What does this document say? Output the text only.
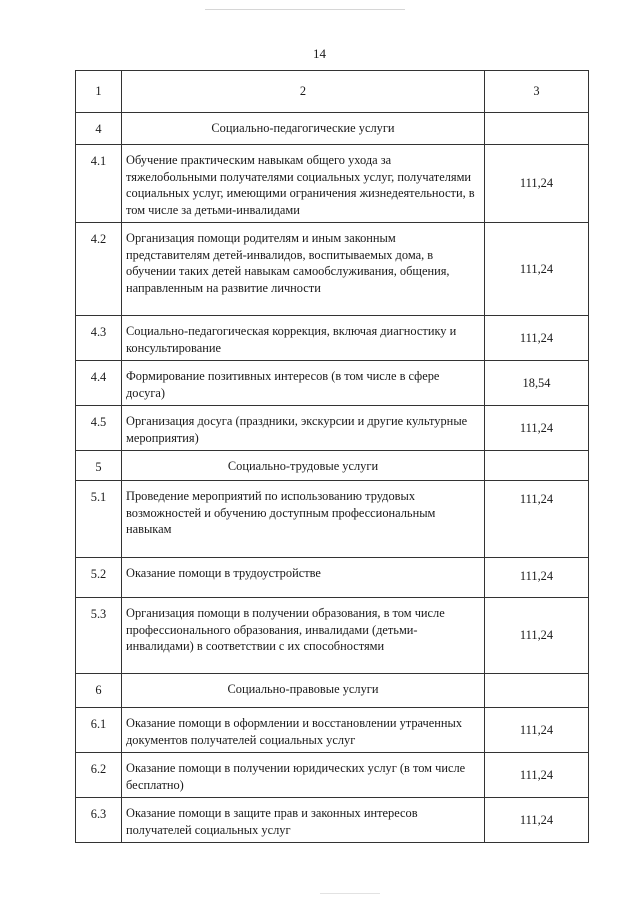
14
1	2	3
4	Социально-педагогические услуги	
4.1	Обучение практическим навыкам общего ухода за тяжелобольными получателями социальных услуг, получателями социальных услуг, имеющими ограничения жизнедеятельности, в том числе за детьми-инвалидами	111,24
4.2	Организация помощи родителям и иным законным представителям детей-инвалидов, воспитываемых дома, в обучении таких детей навыкам самообслуживания, общения, направленным на развитие личности	111,24
4.3	Социально-педагогическая коррекция, включая диагностику и консультирование	111,24
4.4	Формирование позитивных интересов (в том числе в сфере досуга)	18,54
4.5	Организация досуга (праздники, экскурсии и другие культурные мероприятия)	111,24
5	Социально-трудовые услуги	
5.1	Проведение мероприятий по использованию трудовых возможностей и обучению доступным профессиональным навыкам	111,24
5.2	Оказание помощи в трудоустройстве	111,24
5.3	Организация помощи в получении образования, в том числе профессионального образования, инвалидами (детьми-инвалидами) в соответствии с их способностями	111,24
6	Социально-правовые услуги	
6.1	Оказание помощи в оформлении и восстановлении утраченных документов получателей социальных услуг	111,24
6.2	Оказание помощи в получении юридических услуг (в том числе бесплатно)	111,24
6.3	Оказание помощи в защите прав и законных интересов получателей социальных услуг	111,24
